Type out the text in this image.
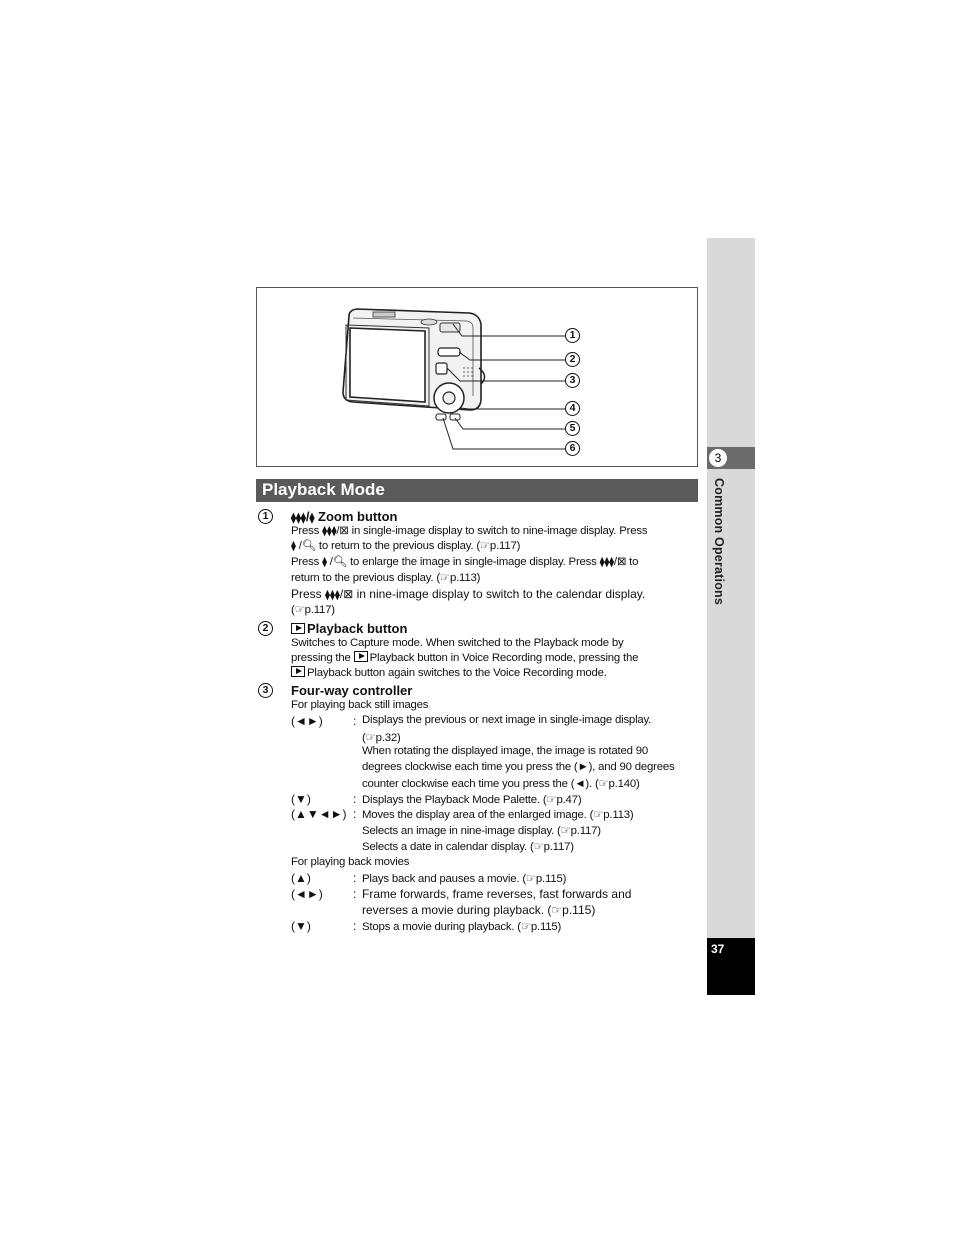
3
Common Operations
37
1
2
3
4
5
6
Playback Mode
1	⧫⧫⧫/⧫ Zoom button
Press ⧫⧫⧫/⊠ in single-image display to switch to nine-image display. Press
⧫ /🔍︎ to return to the previous display. (☞p.117)
Press ⧫ /🔍︎ to enlarge the image in single-image display. Press ⧫⧫⧫/⊠ to
return to the previous display. (☞p.113)
Press ⧫⧫⧫/⊠ in nine-image display to switch to the calendar display.
(☞p.117)
2	Playback button
Switches to Capture mode. When switched to the Playback mode by
pressing the Playback button in Voice Recording mode, pressing the
Playback button again switches to the Voice Recording mode.
3	Four-way controller
For playing back still images
(◄►)	: Displays the previous or next image in single-image display.
(☞p.32)
When rotating the displayed image, the image is rotated 90
degrees clockwise each time you press the (►), and 90 degrees
counter clockwise each time you press the (◄). (☞p.140)
(▼)	: Displays the Playback Mode Palette. (☞p.47)
(▲▼◄►) : Moves the display area of the enlarged image. (☞p.113)
Selects an image in nine-image display. (☞p.117)
Selects a date in calendar display. (☞p.117)
For playing back movies
(▲)	: Plays back and pauses a movie. (☞p.115)
(◄►)	: Frame forwards, frame reverses, fast forwards and
reverses a movie during playback. (☞p.115)
(▼)	: Stops a movie during playback. (☞p.115)
